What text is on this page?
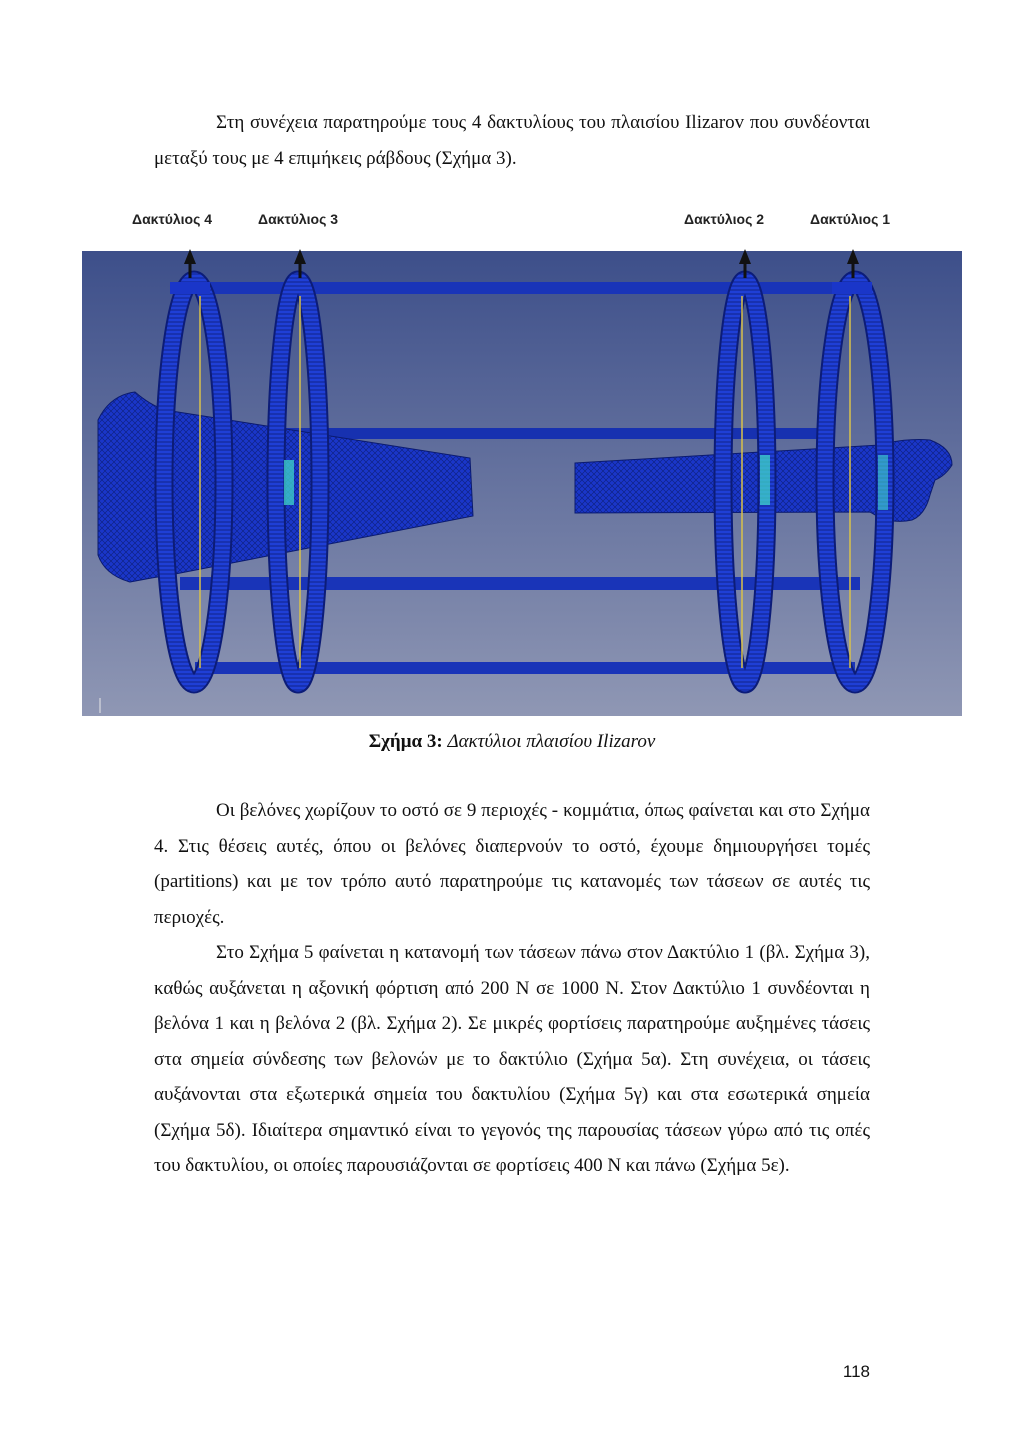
Στη συνέχεια παρατηρούμε τους 4 δακτυλίους του πλαισίου Ilizarov που συνδέονται μεταξύ τους με 4 επιμήκεις ράβδους (Σχήμα 3).

Δακτύλιος 4	Δακτύλιος 3	Δακτύλιος 2	Δακτύλιος 1
Σχήμα 3: Δακτύλιοι πλαισίου Ilizarov

Οι βελόνες χωρίζουν το οστό σε 9 περιοχές - κομμάτια, όπως φαίνεται και στο Σχήμα 4. Στις θέσεις αυτές, όπου οι βελόνες διαπερνούν το οστό, έχουμε δημιουργήσει τομές (partitions) και με τον τρόπο αυτό παρατηρούμε τις κατανομές των τάσεων σε αυτές τις περιοχές.

Στο Σχήμα 5 φαίνεται η κατανομή των τάσεων πάνω στον Δακτύλιο 1 (βλ. Σχήμα 3), καθώς αυξάνεται η αξονική φόρτιση από 200 N σε 1000 N. Στον Δακτύλιο 1 συνδέονται η βελόνα 1 και η βελόνα 2 (βλ. Σχήμα 2). Σε μικρές φορτίσεις παρατηρούμε αυξημένες τάσεις στα σημεία σύνδεσης των βελονών με το δακτύλιο (Σχήμα 5α). Στη συνέχεια, οι τάσεις αυξάνονται στα εξωτερικά σημεία του δακτυλίου (Σχήμα 5γ) και στα εσωτερικά σημεία (Σχήμα 5δ). Ιδιαίτερα σημαντικό είναι το γεγονός της παρουσίας τάσεων γύρω από τις οπές του δακτυλίου, οι οποίες παρουσιάζονται σε φορτίσεις 400 N και πάνω (Σχήμα 5ε).

118
